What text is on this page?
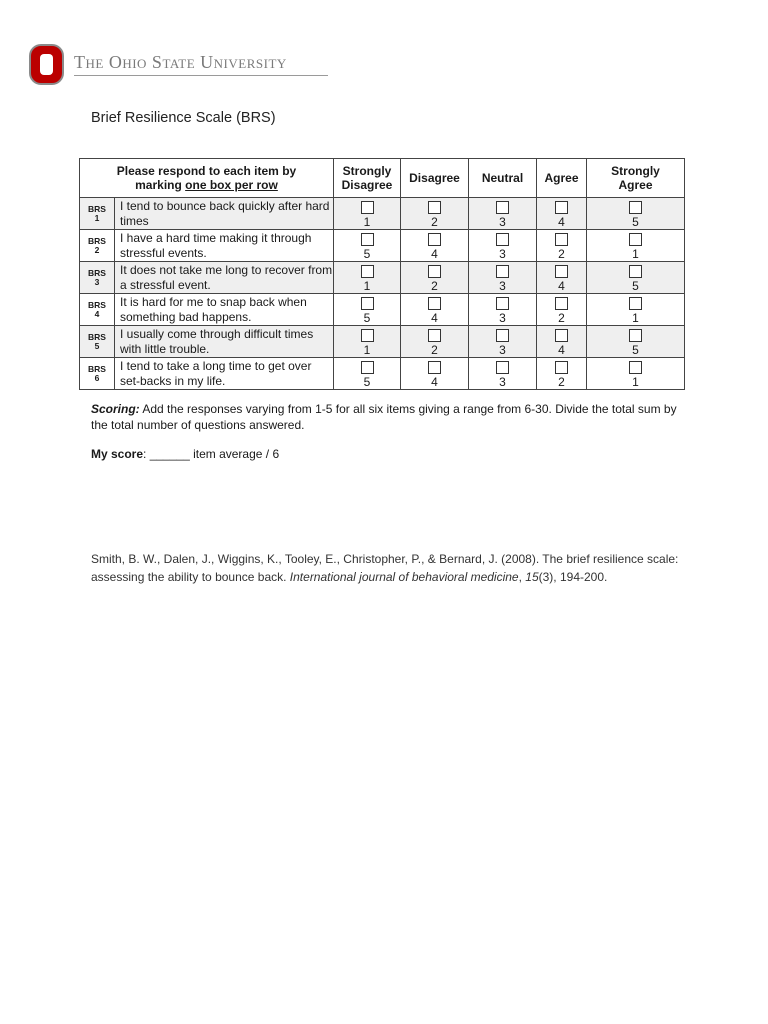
The Ohio State University
Brief Resilience Scale (BRS)
Please respond to each item by
marking one box per row		Strongly Disagree	Disagree	Neutral	Agree	Strongly Agree
BRS
1	I tend to bounce back quickly after hard times	1	2	3	4	5

BRS
2	I have a hard time making it through stressful events.	5	4	3	2	1

BRS
3	It does not take me long to recover from a stressful event.	1	2	3	4	5

BRS
4	It is hard for me to snap back when something bad happens.	5	4	3	2	1

BRS
5	I usually come through difficult times with little trouble.	1	2	3	4	5

BRS
6	I tend to take a long time to get over set-backs in my life.	5	4	3	2	1
Scoring: Add the responses varying from 1-5 for all six items giving a range from 6-30. Divide the total sum by the total number of questions answered.
My score: ______ item average / 6
Smith, B. W., Dalen, J., Wiggins, K., Tooley, E., Christopher, P., & Bernard, J. (2008). The brief resilience scale: assessing the ability to bounce back. International journal of behavioral medicine, 15(3), 194-200.
